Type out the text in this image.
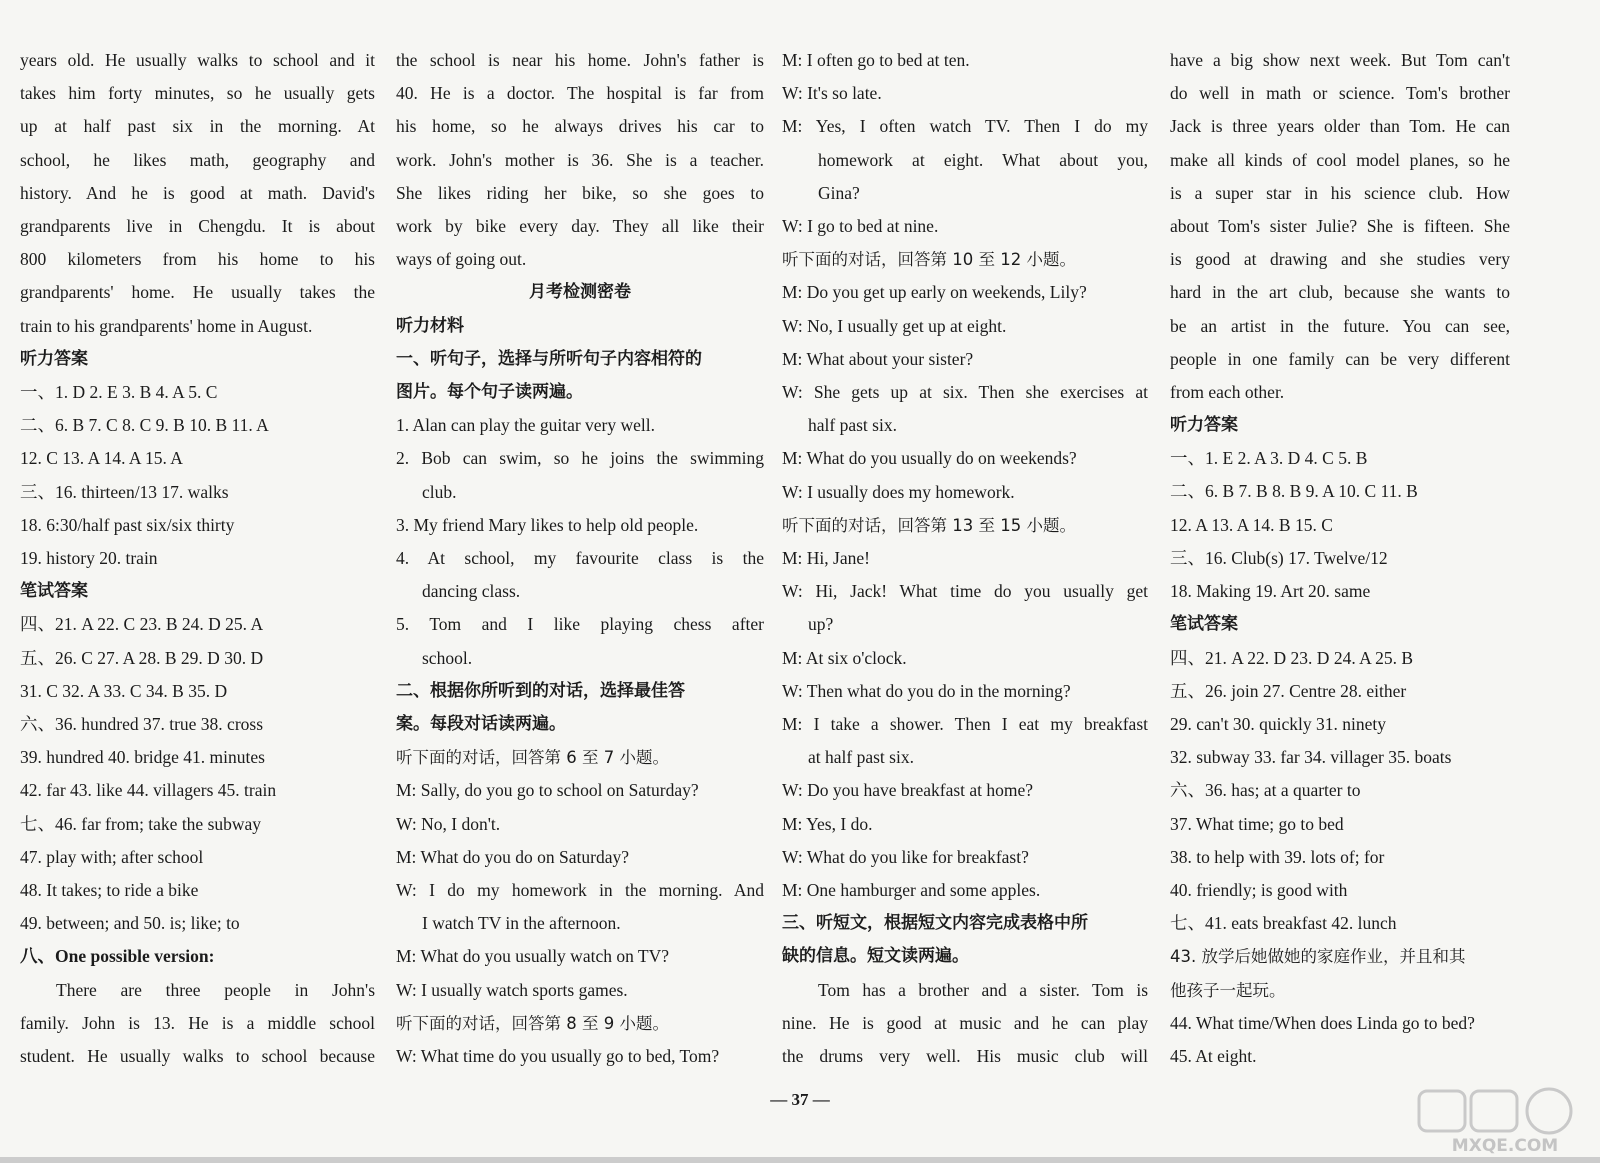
years old. He usually walks to school and it
takes him forty minutes, so he usually gets
up at half past six in the morning. At
school, he likes math, geography and
history. And he is good at math. David's
grandparents live in Chengdu. It is about
800 kilometers from his home to his
grandparents' home. He usually takes the
train to his grandparents' home in August.
听力答案
一、1. D 2. E 3. B 4. A 5. C
二、6. B 7. C 8. C 9. B 10. B 11. A
12. C 13. A 14. A 15. A
三、16. thirteen/13 17. walks
18. 6:30/half past six/six thirty
19. history 20. train
笔试答案
四、21. A 22. C 23. B 24. D 25. A
五、26. C 27. A 28. B 29. D 30. D
31. C 32. A 33. C 34. B 35. D
六、36. hundred 37. true 38. cross
39. hundred 40. bridge 41. minutes
42. far 43. like 44. villagers 45. train
七、46. far from; take the subway
47. play with; after school
48. It takes; to ride a bike
49. between; and 50. is; like; to
八、One possible version:
There are three people in John's
family. John is 13. He is a middle school
student. He usually walks to school because
the school is near his home. John's father is
40. He is a doctor. The hospital is far from
his home, so he always drives his car to
work. John's mother is 36. She is a teacher.
She likes riding her bike, so she goes to
work by bike every day. They all like their
ways of going out.
月考检测密卷
听力材料
一、听句子，选择与所听句子内容相符的
图片。每个句子读两遍。
1. Alan can play the guitar very well.
2. Bob can swim, so he joins the swimming
club.
3. My friend Mary likes to help old people.
4. At school, my favourite class is the
dancing class.
5. Tom and I like playing chess after
school.
二、根据你所听到的对话，选择最佳答
案。每段对话读两遍。
听下面的对话，回答第 6 至 7 小题。
M: Sally, do you go to school on Saturday?
W: No, I don't.
M: What do you do on Saturday?
W: I do my homework in the morning. And
I watch TV in the afternoon.
M: What do you usually watch on TV?
W: I usually watch sports games.
听下面的对话，回答第 8 至 9 小题。
W: What time do you usually go to bed, Tom?
M: I often go to bed at ten.
W: It's so late.
M: Yes, I often watch TV. Then I do my
homework at eight. What about you,
Gina?
W: I go to bed at nine.
听下面的对话，回答第 10 至 12 小题。
M: Do you get up early on weekends, Lily?
W: No, I usually get up at eight.
M: What about your sister?
W: She gets up at six. Then she exercises at
half past six.
M: What do you usually do on weekends?
W: I usually does my homework.
听下面的对话，回答第 13 至 15 小题。
M: Hi, Jane!
W: Hi, Jack! What time do you usually get
up?
M: At six o'clock.
W: Then what do you do in the morning?
M: I take a shower. Then I eat my breakfast
at half past six.
W: Do you have breakfast at home?
M: Yes, I do.
W: What do you like for breakfast?
M: One hamburger and some apples.
三、听短文，根据短文内容完成表格中所
缺的信息。短文读两遍。
Tom has a brother and a sister. Tom is
nine. He is good at music and he can play
the drums very well. His music club will
have a big show next week. But Tom can't
do well in math or science. Tom's brother
Jack is three years older than Tom. He can
make all kinds of cool model planes, so he
is a super star in his science club. How
about Tom's sister Julie? She is fifteen. She
is good at drawing and she studies very
hard in the art club, because she wants to
be an artist in the future. You can see,
people in one family can be very different
from each other.
听力答案
一、1. E 2. A 3. D 4. C 5. B
二、6. B 7. B 8. B 9. A 10. C 11. B
12. A 13. A 14. B 15. C
三、16. Club(s) 17. Twelve/12
18. Making 19. Art 20. same
笔试答案
四、21. A 22. D 23. D 24. A 25. B
五、26. join 27. Centre 28. either
29. can't 30. quickly 31. ninety
32. subway 33. far 34. villager 35. boats
六、36. has; at a quarter to
37. What time; go to bed
38. to help with 39. lots of; for
40. friendly; is good with
七、41. eats breakfast 42. lunch
43. 放学后她做她的家庭作业，并且和其
他孩子一起玩。
44. What time/When does Linda go to bed?
45. At eight.
— 37 —
MXQE.COM
